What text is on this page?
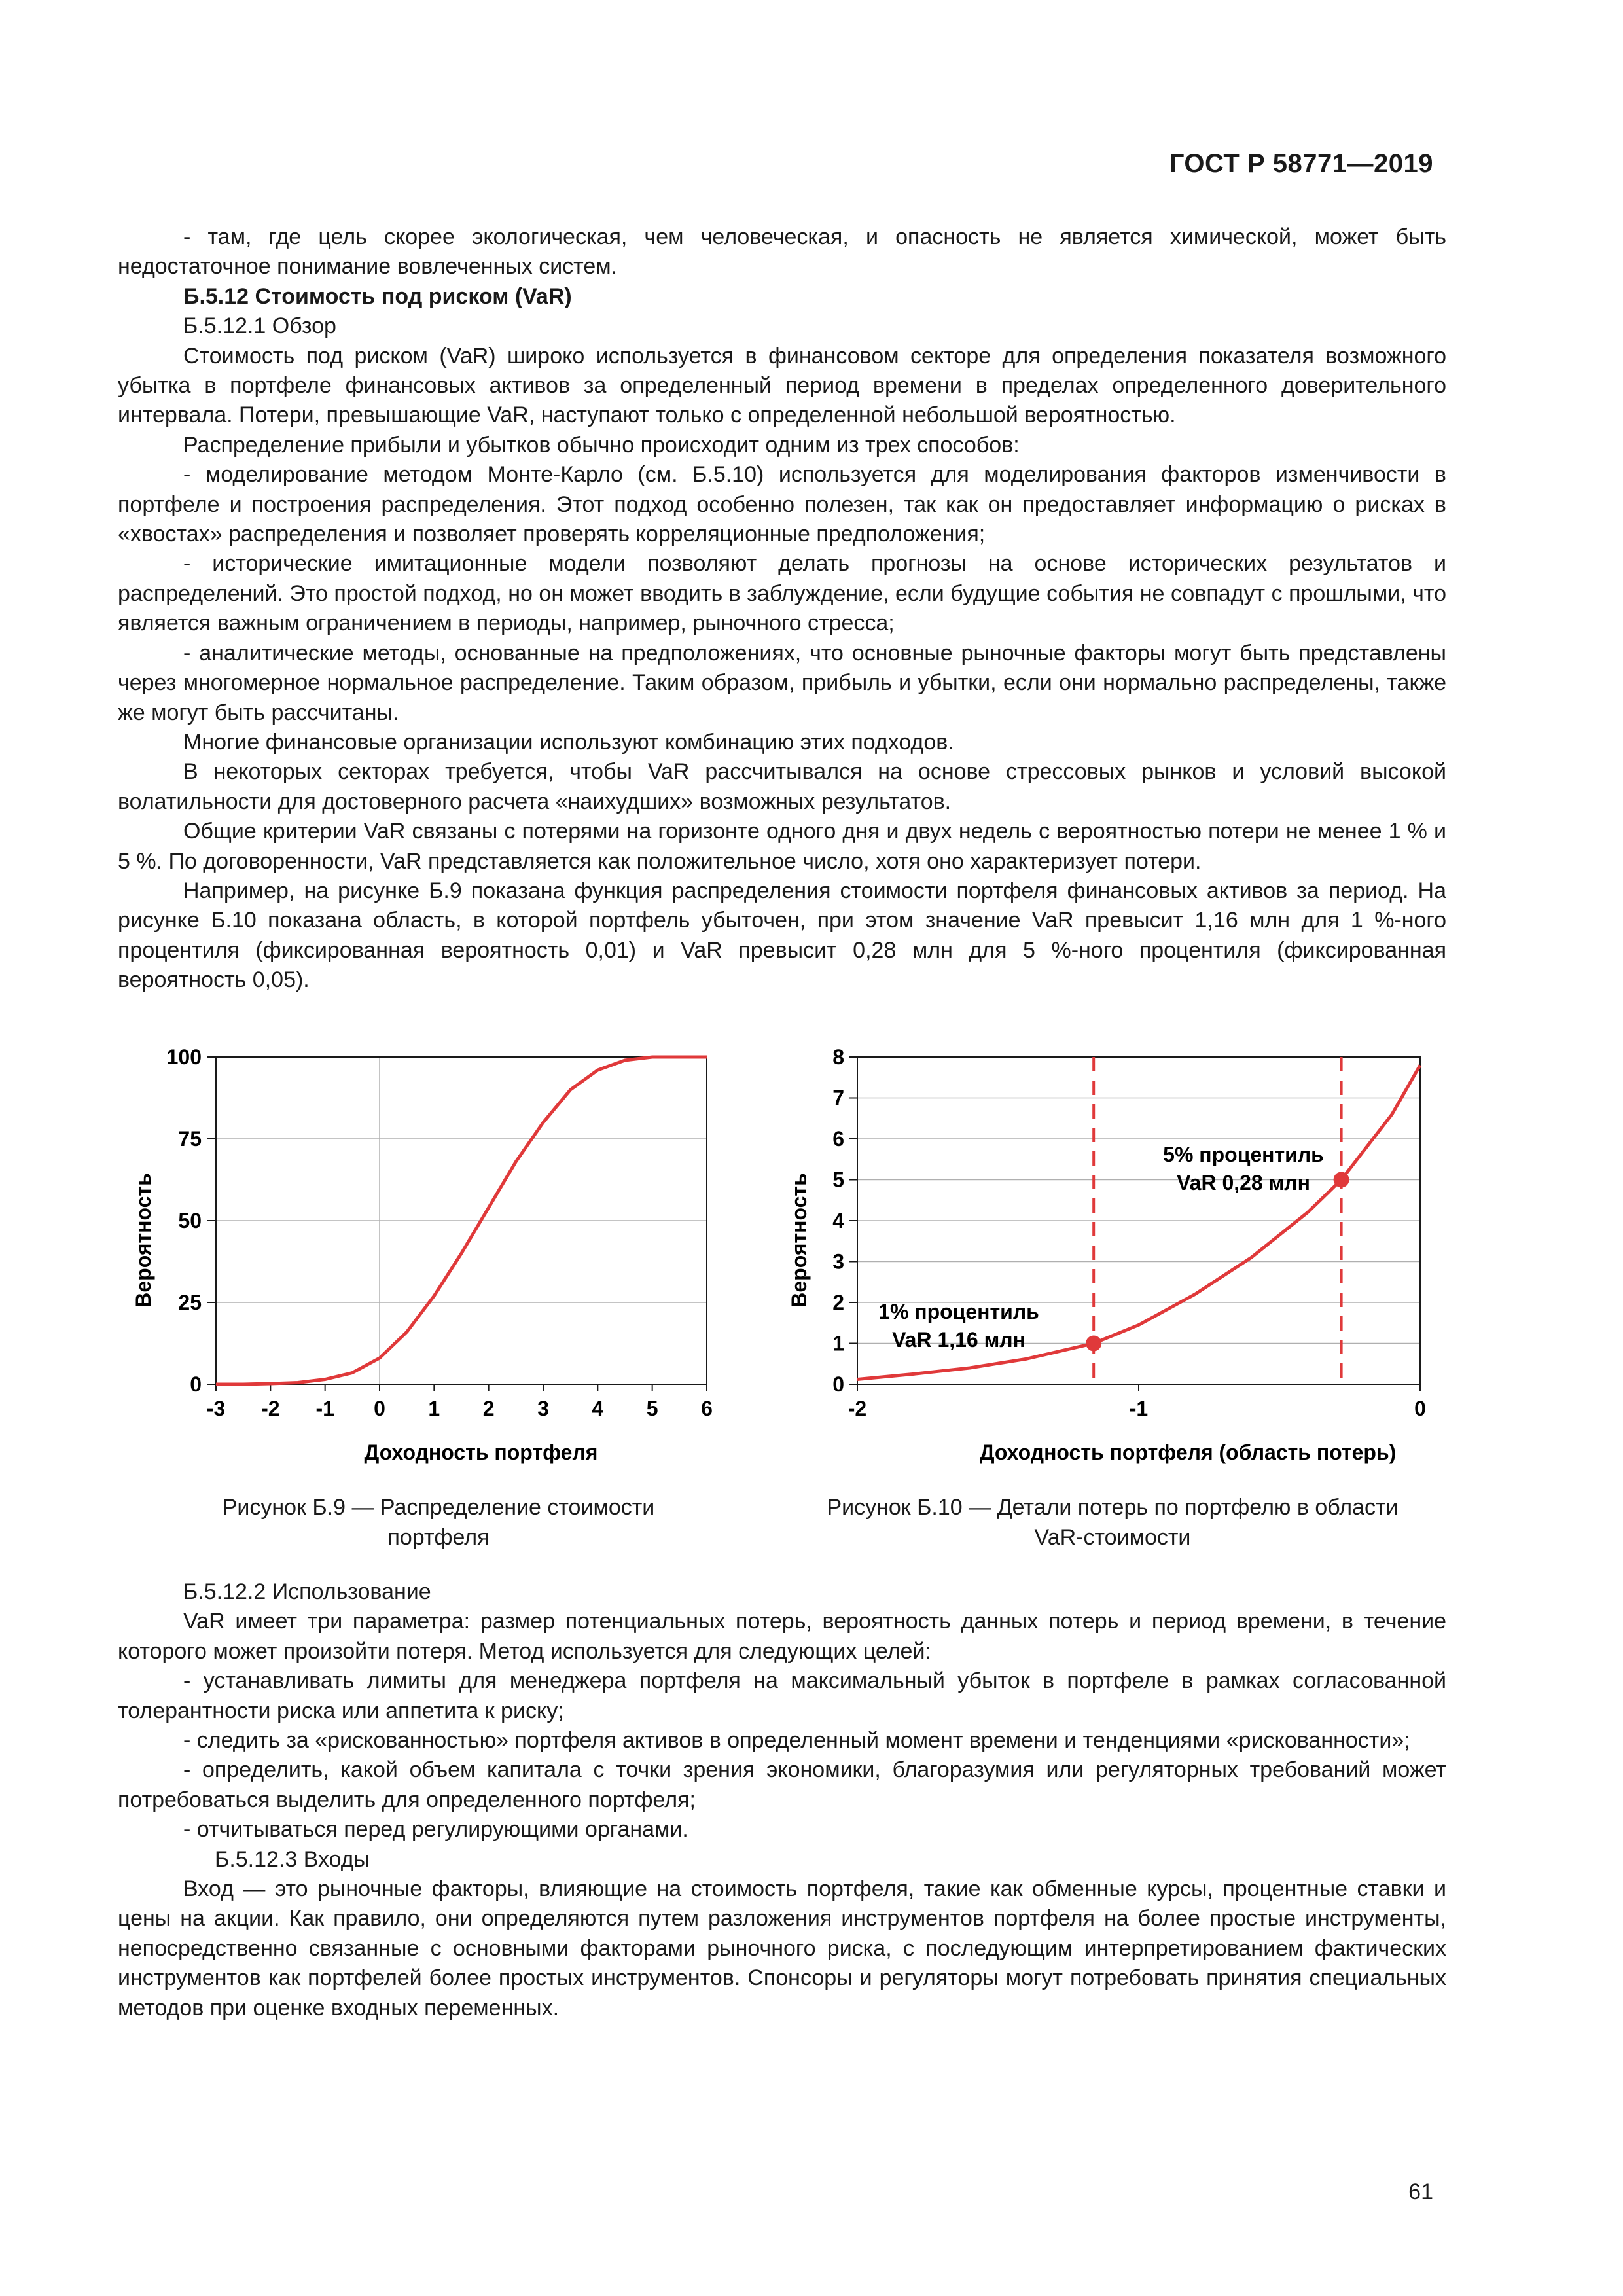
ГОСТ Р 58771—2019

- там, где цель скорее экологическая, чем человеческая, и опасность не является химической, может быть недостаточное понимание вовлеченных систем.

Б.5.12 Стоимость под риском (VaR)

Б.5.12.1 Обзор

Стоимость под риском (VaR) широко используется в финансовом секторе для определения показателя возможного убытка в портфеле финансовых активов за определенный период времени в пределах определенного доверительного интервала. Потери, превышающие VaR, наступают только с определенной небольшой вероятностью.

Распределение прибыли и убытков обычно происходит одним из трех способов:

- моделирование методом Монте-Карло (см. Б.5.10) используется для моделирования факторов изменчивости в портфеле и построения распределения. Этот подход особенно полезен, так как он предоставляет информацию о рисках в «хвостах» распределения и позволяет проверять корреляционные предположения;

- исторические имитационные модели позволяют делать прогнозы на основе исторических результатов и распределений. Это простой подход, но он может вводить в заблуждение, если будущие события не совпадут с прошлыми, что является важным ограничением в периоды, например, рыночного стресса;

- аналитические методы, основанные на предположениях, что основные рыночные факторы могут быть представлены через многомерное нормальное распределение. Таким образом, прибыль и убытки, если они нормально распределены, также же могут быть рассчитаны.

Многие финансовые организации используют комбинацию этих подходов.

В некоторых секторах требуется, чтобы VaR рассчитывался на основе стрессовых рынков и условий высокой волатильности для достоверного расчета «наихудших» возможных результатов.

Общие критерии VaR связаны с потерями на горизонте одного дня и двух недель с вероятностью потери не менее 1 % и 5 %. По договоренности, VaR представляется как положительное число, хотя оно характеризует потери.

Например, на рисунке Б.9 показана функция распределения стоимости портфеля финансовых активов за период. На рисунке Б.10 показана область, в которой портфель убыточен, при этом значение VaR превысит 1,16 млн для 1 %-ного процентиля (фиксированная вероятность 0,01) и VaR превысит 0,28 млн для 5 %-ного процентиля (фиксированная вероятность 0,05).

0
25
50
75
100
-3 -2 -1 0 1 2 3 4 5 6
Вероятность
Доходность портфеля
0
1
2
3
4
5
6
7
8
-2	-1	0
1% процентиль
VaR 1,16 млн
5% процентиль
VaR 0,28 млн
Вероятность
Доходность портфеля (область потерь)
Рисунок Б.9 — Распределение стоимости
портфеля
Рисунок Б.10 — Детали потерь по портфелю в области
VaR-стоимости

Б.5.12.2 Использование

VaR имеет три параметра: размер потенциальных потерь, вероятность данных потерь и период времени, в течение которого может произойти потеря. Метод используется для следующих целей:

- устанавливать лимиты для менеджера портфеля на максимальный убыток в портфеле в рамках согласованной толерантности риска или аппетита к риску;

- следить за «рискованностью» портфеля активов в определенный момент времени и тенденциями «рискованности»;

- определить, какой объем капитала с точки зрения экономики, благоразумия или регуляторных требований может потребоваться выделить для определенного портфеля;

- отчитываться перед регулирующими органами.

Б.5.12.3 Входы

Вход — это рыночные факторы, влияющие на стоимость портфеля, такие как обменные курсы, процентные ставки и цены на акции. Как правило, они определяются путем разложения инструментов портфеля на более простые инструменты, непосредственно связанные с основными факторами рыночного риска, с последующим интерпретированием фактических инструментов как портфелей более простых инструментов. Спонсоры и регуляторы могут потребовать принятия специальных методов при оценке входных переменных.

61
